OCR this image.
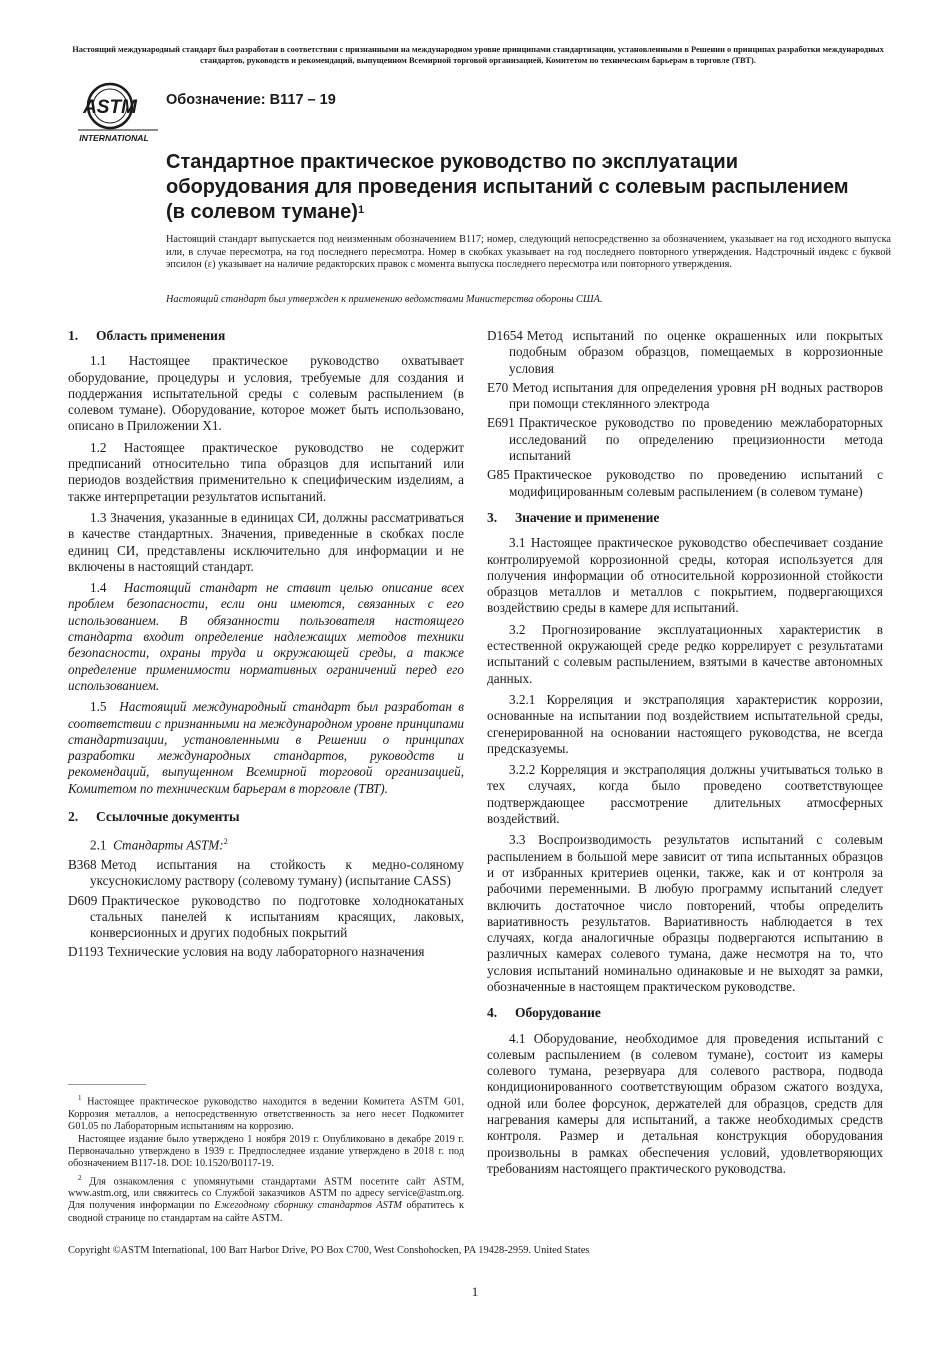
Настоящий международный стандарт был разработан в соответствии с признанными на международном уровне принципами стандартизации, установленными в Решении о принципах разработки международных стандартов, руководств и рекомендаций, выпущенном Всемирной торговой организацией, Комитетом по техническим барьерам в торговле (ТВТ).
ASTM
INTERNATIONAL
Обозначение: B117 – 19
Стандартное практическое руководство по эксплуатации оборудования для проведения испытаний с солевым распылением (в солевом тумане)$^1$

Настоящий стандарт выпускается под неизменным обозначением B117; номер, следующий непосредственно за обозначением, указывает на год исходного выпуска или, в случае пересмотра, на год последнего пересмотра. Номер в скобках указывает на год последнего повторного утверждения. Надстрочный индекс с буквой эпсилон (ε) указывает на наличие редакторских правок с момента выпуска последнего пересмотра или повторного утверждения.

Настоящий стандарт был утвержден к применению ведомствами Министерства обороны США.

1. Область применения

1.1 Настоящее практическое руководство охватывает оборудование, процедуры и условия, требуемые для создания и поддержания испытательной среды с солевым распылением (в солевом тумане). Оборудование, которое может быть использовано, описано в Приложении X1.

1.2 Настоящее практическое руководство не содержит предписаний относительно типа образцов для испытаний или периодов воздействия применительно к специфическим изделиям, а также интерпретации результатов испытаний.

1.3 Значения, указанные в единицах СИ, должны рассматриваться в качестве стандартных. Значения, приведенные в скобках после единиц СИ, представлены исключительно для информации и не включены в настоящий стандарт.

1.4 Настоящий стандарт не ставит целью описание всех проблем безопасности, если они имеются, связанных с его использованием. В обязанности пользователя настоящего стандарта входит определение надлежащих методов техники безопасности, охраны труда и окружающей среды, а также определение применимости нормативных ограничений перед его использованием.

1.5 Настоящий международный стандарт был разработан в соответствии с признанными на международном уровне принципами стандартизации, установленными в Решении о принципах разработки международных стандартов, руководств и рекомендаций, выпущенном Всемирной торговой организацией, Комитетом по техническим барьерам в торговле (ТВТ).

2. Ссылочные документы
2.1 Стандарты ASTM:$^2$
B368 Метод испытания на стойкость к медно-соляному уксуснокислому раствору (солевому туману) (испытание CASS)
D609 Практическое руководство по подготовке холоднокатаных стальных панелей к испытаниям красящих, лаковых, конверсионных и других подобных покрытий
D1193 Технические условия на воду лабораторного назначения

$^1$ Настоящее практическое руководство находится в ведении Комитета ASTM G01, Коррозия металлов, а непосредственную ответственность за него несет Подкомитет G01.05 по Лабораторным испытаниям на коррозию.

Настоящее издание было утверждено 1 ноября 2019 г. Опубликовано в декабре 2019 г. Первоначально утверждено в 1939 г. Предпоследнее издание утверждено в 2018 г. под обозначением B117-18. DOI: 10.1520/B0117-19.

$^2$ Для ознакомления с упомянутыми стандартами ASTM посетите сайт ASTM, www.astm.org, или свяжитесь со Службой заказчиков ASTM по адресу service@astm.org. Для получения информации по Ежегодному сборнику стандартов ASTM обратитесь к сводной странице по стандартам на сайте ASTM.

D1654 Метод испытаний по оценке окрашенных или покрытых подобным образом образцов, помещаемых в коррозионные условия
E70 Метод испытания для определения уровня pH водных растворов при помощи стеклянного электрода
E691 Практическое руководство по проведению межлабораторных исследований по определению прецизионности метода испытаний
G85 Практическое руководство по проведению испытаний с модифицированным солевым распылением (в солевом тумане)
3. Значение и применение

3.1 Настоящее практическое руководство обеспечивает создание контролируемой коррозионной среды, которая используется для получения информации об относительной коррозионной стойкости образцов металлов и металлов с покрытием, подвергающихся воздействию среды в камере для испытаний.

3.2 Прогнозирование эксплуатационных характеристик в естественной окружающей среде редко коррелирует с результатами испытаний с солевым распылением, взятыми в качестве автономных данных.

3.2.1 Корреляция и экстраполяция характеристик коррозии, основанные на испытании под воздействием испытательной среды, сгенерированной на основании настоящего руководства, не всегда предсказуемы.

3.2.2 Корреляция и экстраполяция должны учитываться только в тех случаях, когда было проведено соответствующее подтверждающее рассмотрение длительных атмосферных воздействий.

3.3 Воспроизводимость результатов испытаний с солевым распылением в большой мере зависит от типа испытанных образцов и от избранных критериев оценки, также, как и от контроля за рабочими переменными. В любую программу испытаний следует включить достаточное число повторений, чтобы определить вариативность результатов. Вариативность наблюдается в тех случаях, когда аналогичные образцы подвергаются испытанию в различных камерах солевого тумана, даже несмотря на то, что условия испытаний номинально одинаковые и не выходят за рамки, обозначенные в настоящем практическом руководстве.

4. Оборудование

4.1 Оборудование, необходимое для проведения испытаний с солевым распылением (в солевом тумане), состоит из камеры солевого тумана, резервуара для солевого раствора, подвода кондиционированного соответствующим образом сжатого воздуха, одной или более форсунок, держателей для образцов, средств для нагревания камеры для испытаний, а также необходимых средств контроля. Размер и детальная конструкция оборудования произвольны в рамках обеспечения условий, удовлетворяющих требованиям настоящего практического руководства.

Copyright ©ASTM International, 100 Barr Harbor Drive, PO Box C700, West Conshohocken, PA 19428-2959. United States
1
